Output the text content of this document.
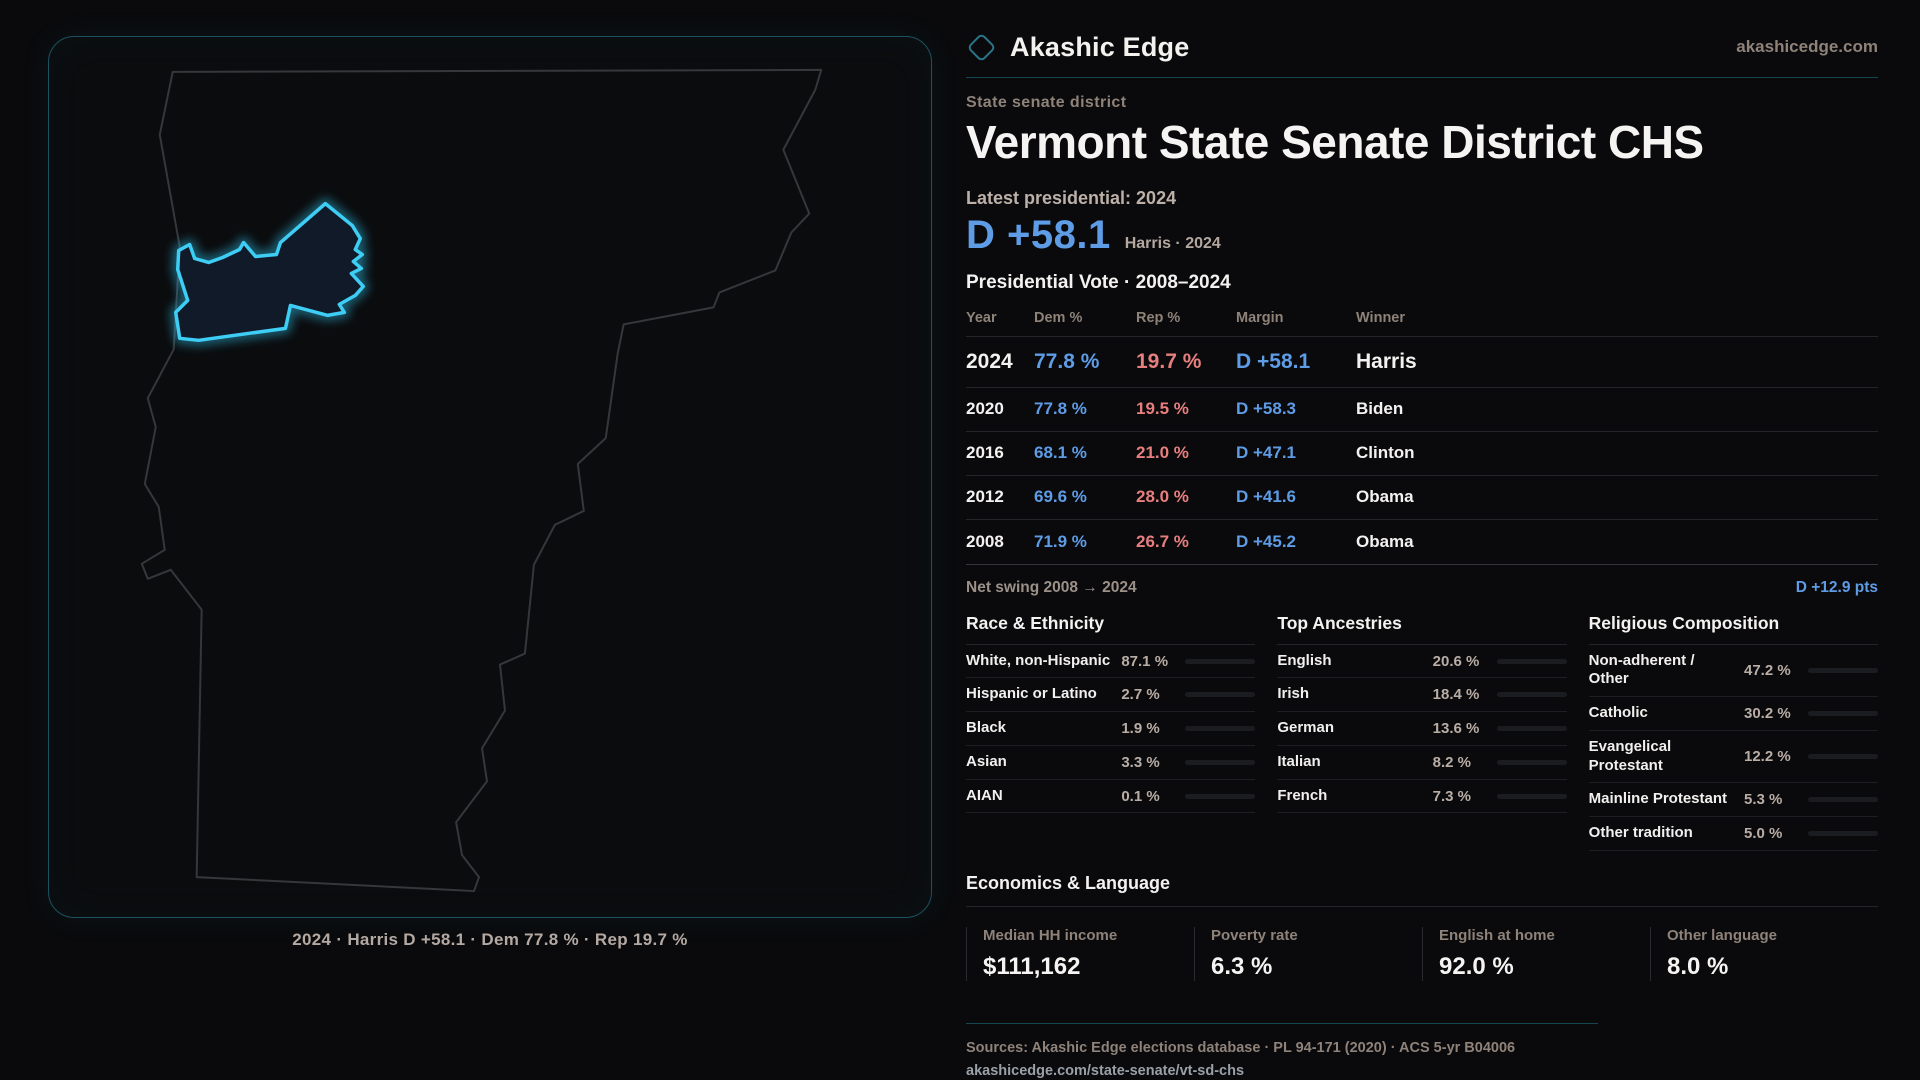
2024 · Harris D +58.1 · Dem 77.8 % · Rep 19.7 %
Akashic Edge	akashicedge.com
State senate district
Vermont State Senate District CHS
Latest presidential: 2024
D +58.1 Harris · 2024
Presidential Vote · 2008–2024
Year	Dem %	Rep %	Margin	Winner
2024	77.8 %	19.7 %	D +58.1	Harris
2020	77.8 %	19.5 %	D +58.3	Biden
2016	68.1 %	21.0 %	D +47.1	Clinton
2012	69.6 %	28.0 %	D +41.6	Obama
2008	71.9 %	26.7 %	D +45.2	Obama
Net swing 2008 → 2024	D +12.9 pts
Race & Ethnicity
White, non-Hispanic 87.1 %
Hispanic or Latino	2.7 %
Black	1.9 %
Asian	3.3 %
AIAN	0.1 %
Top Ancestries
English	20.6 %
Irish	18.4 %
German	13.6 %
Italian	8.2 %
French	7.3 %
Religious Composition
Non-adherent / Other	47.2 %
Catholic	30.2 %
Evangelical Protestant	12.2 %
Mainline Protestant	5.3 %
Other tradition	5.0 %
Economics & Language
Median HH income
$111,162
Poverty rate
6.3 %
English at home
92.0 %
Other language
8.0 %
Sources: Akashic Edge elections database · PL 94-171 (2020) · ACS 5-yr B04006
akashicedge.com/state-senate/vt-sd-chs
